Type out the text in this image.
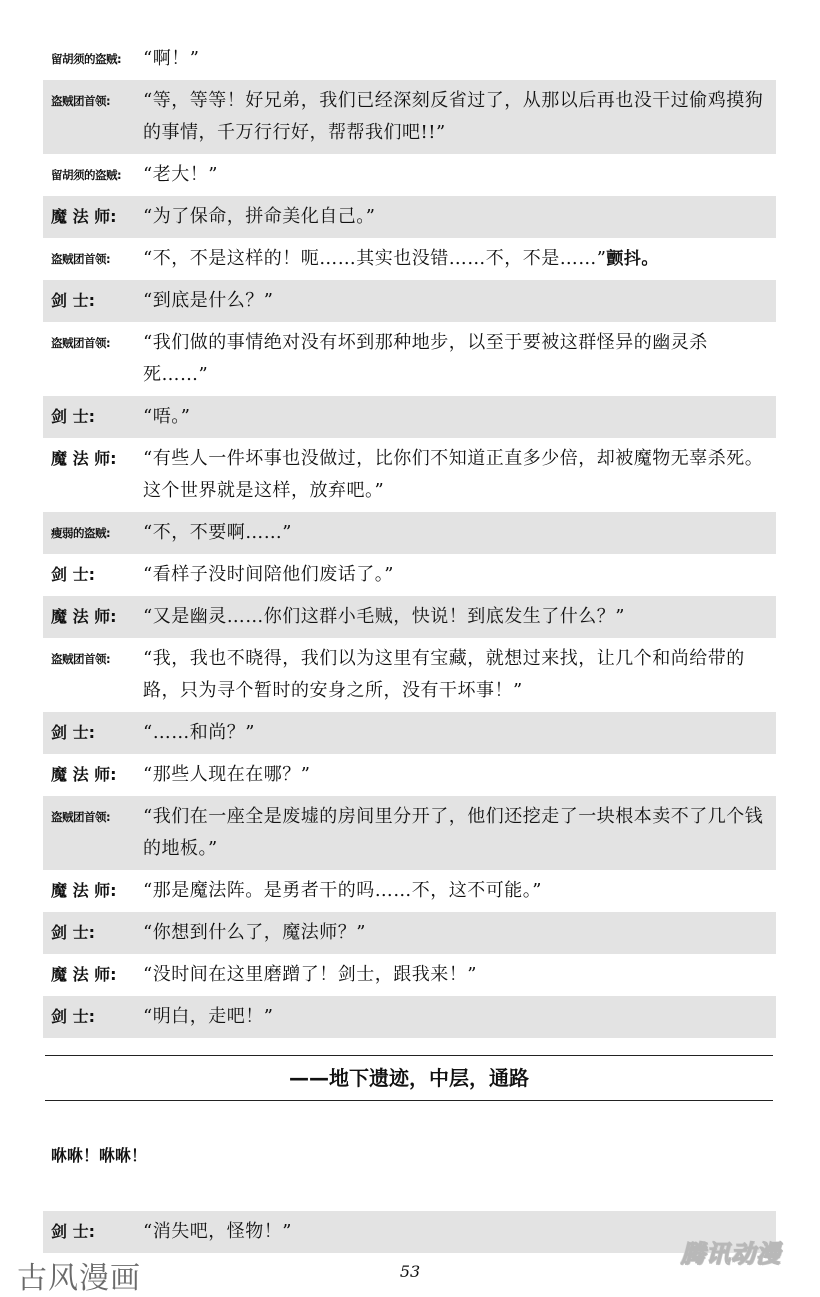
留胡须的盗贼:	“啊！”
盗贼团首领:	“等，等等！好兄弟，我们已经深刻反省过了，从那以后再也没干过偷鸡摸狗的事情，千万行行好，帮帮我们吧!!”
留胡须的盗贼:	“老大！”
魔 法 师:	“为了保命，拼命美化自己。”
盗贼团首领:	“不，不是这样的！呃……其实也没错……不，不是……”颤抖。
剑 士:	“到底是什么？”
盗贼团首领:	“我们做的事情绝对没有坏到那种地步，以至于要被这群怪异的幽灵杀死……”
剑 士:	“唔。”
魔 法 师:	“有些人一件坏事也没做过，比你们不知道正直多少倍，却被魔物无辜杀死。这个世界就是这样，放弃吧。”
瘦弱的盗贼:	“不，不要啊……”
剑 士:	“看样子没时间陪他们废话了。”
魔 法 师:	“又是幽灵……你们这群小毛贼，快说！到底发生了什么？”
盗贼团首领:	“我，我也不晓得，我们以为这里有宝藏，就想过来找，让几个和尚给带的路，只为寻个暂时的安身之所，没有干坏事！”
剑 士:	“……和尚？”
魔 法 师:	“那些人现在在哪？”
盗贼团首领:	“我们在一座全是废墟的房间里分开了，他们还挖走了一块根本卖不了几个钱的地板。”
魔 法 师:	“那是魔法阵。是勇者干的吗……不，这不可能。”
剑 士:	“你想到什么了，魔法师？”
魔 法 师:	“没时间在这里磨蹭了！剑士，跟我来！”
剑 士:	“明白，走吧！”
——地下遗迹，中层，通路
咻咻！咻咻！
剑 士:	“消失吧，怪物！”
53
古风漫画
腾讯动漫
